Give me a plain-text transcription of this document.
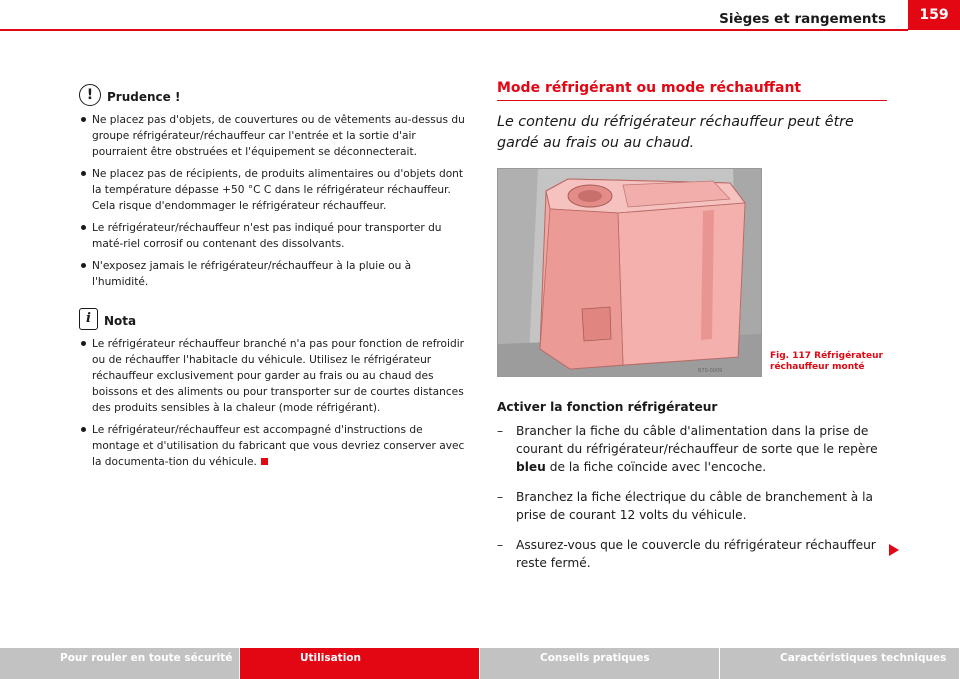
Sièges et rangements	159
!	Prudence !
Ne placez pas d'objets, de couvertures ou de vêtements au-dessus du groupe réfrigérateur/réchauffeur car l'entrée et la sortie d'air pourraient être obstruées et l'équipement se déconnecterait.
Ne placez pas de récipients, de produits alimentaires ou d'objets dont la température dépasse +50 °C C dans le réfrigérateur réchauffeur. Cela risque d'endommager le réfrigérateur réchauffeur.
Le réfrigérateur/réchauffeur n'est pas indiqué pour transporter du maté-riel corrosif ou contenant des dissolvants.
N'exposez jamais le réfrigérateur/réchauffeur à la pluie ou à l'humidité.
i	Nota
Le réfrigérateur réchauffeur branché n'a pas pour fonction de refroidir ou de réchauffer l'habitacle du véhicule. Utilisez le réfrigérateur réchauffeur exclusivement pour garder au frais ou au chaud des boissons et des aliments ou pour transporter sur de courtes distances des produits sensibles à la chaleur (mode réfrigérant).
Le réfrigérateur/réchauffeur est accompagné d'instructions de montage et d'utilisation du fabricant que vous devriez conserver avec la documenta-tion du véhicule.
Mode réfrigérant ou mode réchauffant

Le contenu du réfrigérateur réchauffeur peut être gardé au frais ou au chaud.

B7S-0009
Fig. 117 Réfrigérateur réchauffeur monté
Activer la fonction réfrigérateur
– Brancher la fiche du câble d'alimentation dans la prise de courant du réfrigérateur/réchauffeur de sorte que le repère bleu de la fiche coïncide avec l'encoche.
– Branchez la fiche électrique du câble de branchement à la prise de courant 12 volts du véhicule.
– Assurez-vous que le couvercle du réfrigérateur réchauffeur reste fermé.
Pour rouler en toute sécurité	Utilisation	Conseils pratiques	Caractéristiques techniques
